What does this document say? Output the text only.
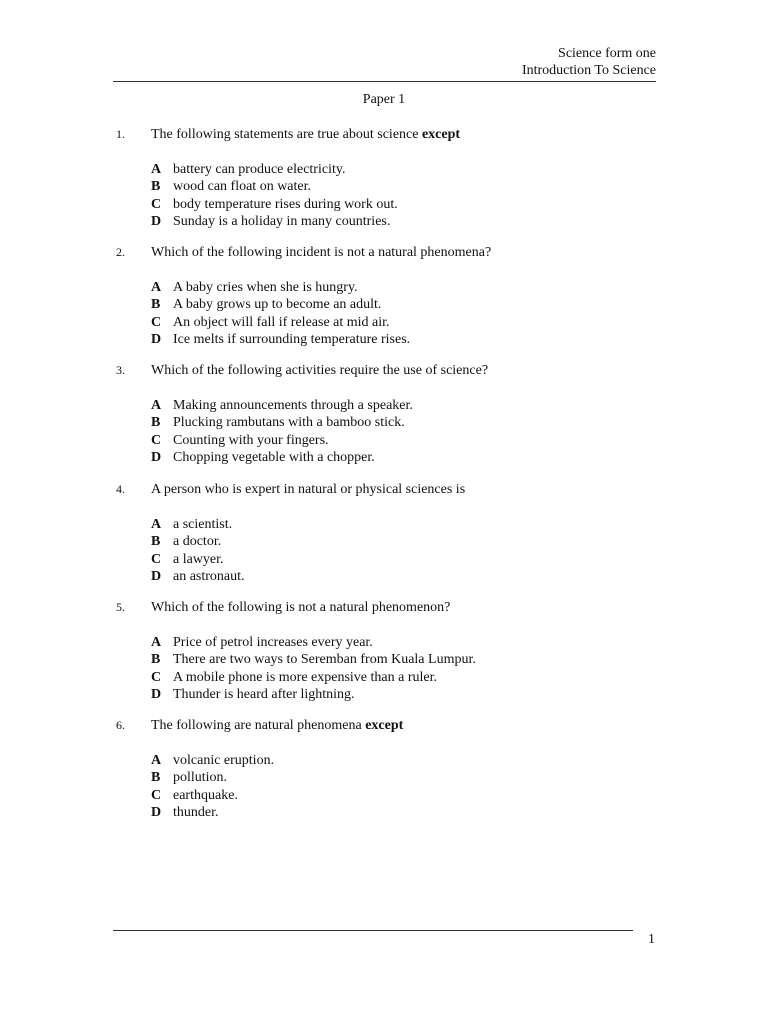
Science form one
Introduction To Science
Paper 1
1. The following statements are true about science except
A battery can produce electricity.
B wood can float on water.
C body temperature rises during work out.
D Sunday is a holiday in many countries.
2. Which of the following incident is not a natural phenomena?
A A baby cries when she is hungry.
B A baby grows up to become an adult.
C An object will fall if release at mid air.
D Ice melts if surrounding temperature rises.
3. Which of the following activities require the use of science?
A Making announcements through a speaker.
B Plucking rambutans with a bamboo stick.
C Counting with your fingers.
D Chopping vegetable with a chopper.
4. A person who is expert in natural or physical sciences is
A a scientist.
B a doctor.
C a lawyer.
D an astronaut.
5. Which of the following is not a natural phenomenon?
A Price of petrol increases every year.
B There are two ways to Seremban from Kuala Lumpur.
C A mobile phone is more expensive than a ruler.
D Thunder is heard after lightning.
6. The following are natural phenomena except
A volcanic eruption.
B pollution.
C earthquake.
D thunder.
1
